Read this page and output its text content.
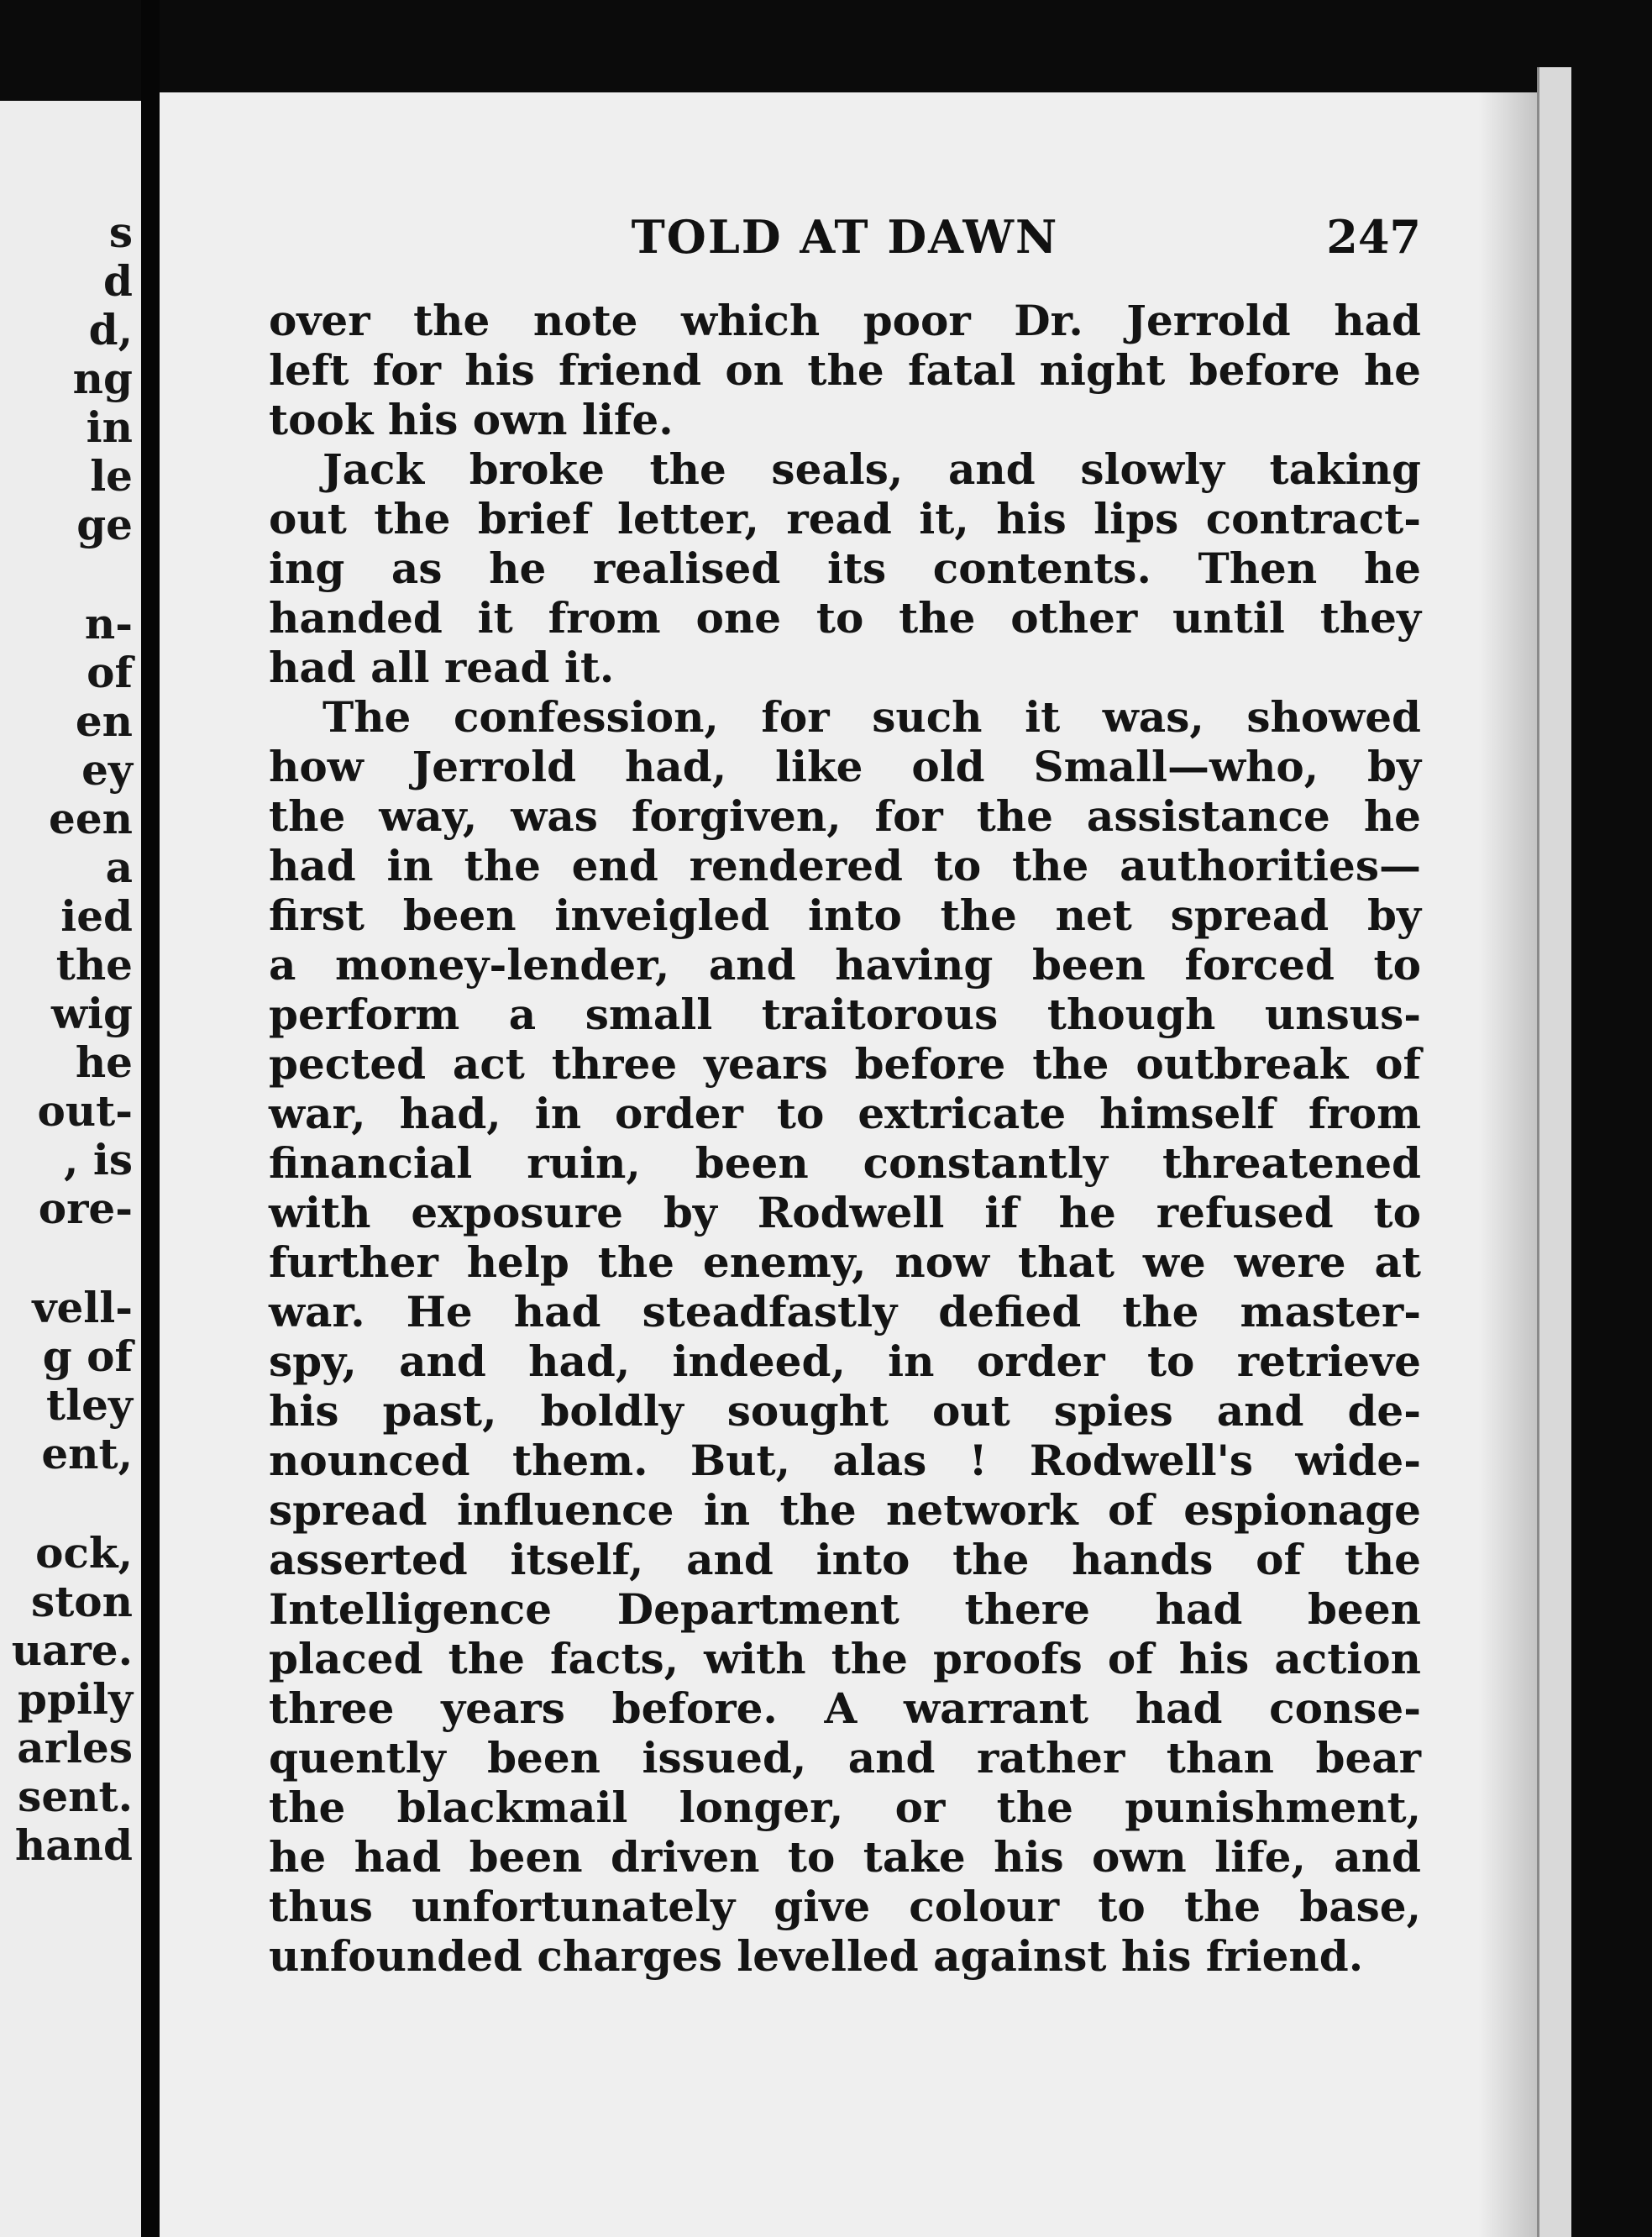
s
d
d,
ng
in
le
ge
n-
of
en
ey
een
a
ied
the
wig
he
out-
, is
ore-
vell-
g of
tley
ent,
ock,
ston
uare.
ppily
arles
sent.
hand
TOLD AT DAWN	247
over the note which poor Dr. Jerrold had
left for his friend on the fatal night before he
took his own life.
Jack broke the seals, and slowly taking
out the brief letter, read it, his lips contract-
ing as he realised its contents. Then he
handed it from one to the other until they
had all read it.
The confession, for such it was, showed
how Jerrold had, like old Small—who, by
the way, was forgiven, for the assistance he
had in the end rendered to the authorities—
first been inveigled into the net spread by
a money-lender, and having been forced to
perform a small traitorous though unsus-
pected act three years before the outbreak of
war, had, in order to extricate himself from
financial ruin, been constantly threatened
with exposure by Rodwell if he refused to
further help the enemy, now that we were at
war. He had steadfastly defied the master-
spy, and had, indeed, in order to retrieve
his past, boldly sought out spies and de-
nounced them. But, alas ! Rodwell's wide-
spread influence in the network of espionage
asserted itself, and into the hands of the
Intelligence Department there had been
placed the facts, with the proofs of his action
three years before. A warrant had conse-
quently been issued, and rather than bear
the blackmail longer, or the punishment,
he had been driven to take his own life, and
thus unfortunately give colour to the base,
unfounded charges levelled against his friend.
